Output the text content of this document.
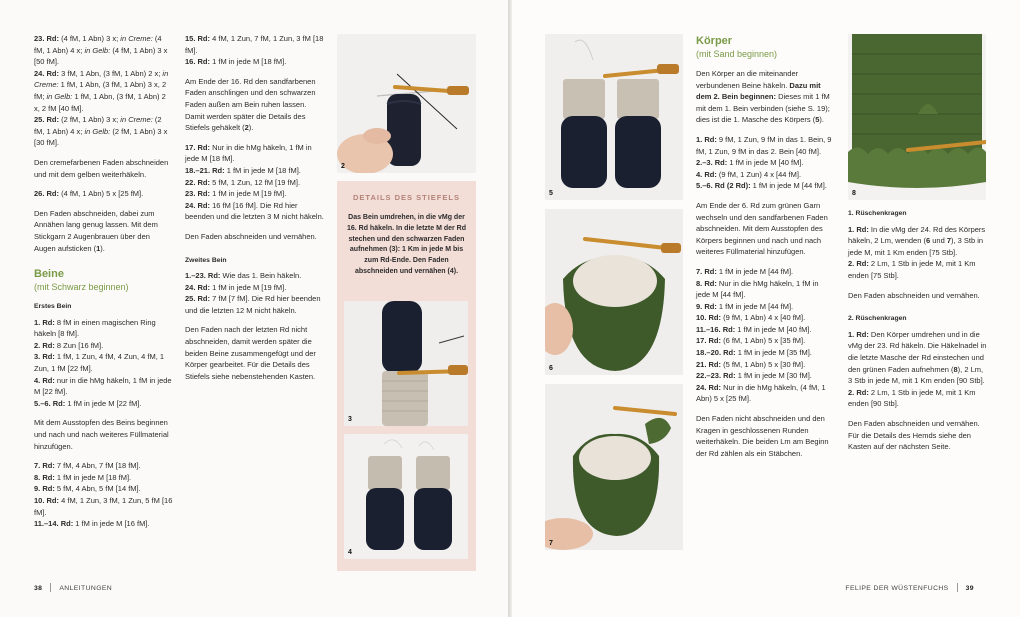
23. Rd: (4 fM, 1 Abn) 3 x; in Creme: (4 fM, 1 Abn) 4 x; in Gelb: (4 fM, 1 Abn) 3 x [50 fM].
24. Rd: 3 fM, 1 Abn, (3 fM, 1 Abn) 2 x; in Creme: 1 fM, 1 Abn, (3 fM, 1 Abn) 3 x, 2 fM; in Gelb: 1 fM, 1 Abn, (3 fM, 1 Abn) 2 x, 2 fM [40 fM].
25. Rd: (2 fM, 1 Abn) 3 x; in Creme: (2 fM, 1 Abn) 4 x; in Gelb: (2 fM, 1 Abn) 3 x [30 fM].

Den cremefarbenen Faden abschneiden und mit dem gelben weiterhäkeln.

26. Rd: (4 fM, 1 Abn) 5 x [25 fM].

Den Faden abschneiden, dabei zum Annähen lang genug lassen. Mit dem Stickgarn 2 Augenbrauen über den Augen aufsticken (1).

Beine
(mit Schwarz beginnen)
Erstes Bein

1. Rd: 8 fM in einen magischen Ring häkeln [8 fM].
2. Rd: 8 Zun [16 fM].
3. Rd: 1 fM, 1 Zun, 4 fM, 4 Zun, 4 fM, 1 Zun, 1 fM [22 fM].
4. Rd: nur in die hMg häkeln, 1 fM in jede M [22 fM].
5.–6. Rd: 1 fM in jede M [22 fM].

Mit dem Ausstopfen des Beins beginnen und nach und nach weiteres Füllmaterial hinzufügen.

7. Rd: 7 fM, 4 Abn, 7 fM [18 fM].
8. Rd: 1 fM in jede M [18 fM].
9. Rd: 5 fM, 4 Abn, 5 fM [14 fM].
10. Rd: 4 fM, 1 Zun, 3 fM, 1 Zun, 5 fM [16 fM].
11.–14. Rd: 1 fM in jede M [16 fM].

15. Rd: 4 fM, 1 Zun, 7 fM, 1 Zun, 3 fM [18 fM].
16. Rd: 1 fM in jede M [18 fM].

Am Ende der 16. Rd den sandfarbenen Faden anschlingen und den schwarzen Faden außen am Bein ruhen lassen. Damit werden später die Details des Stiefels gehäkelt (2).

17. Rd: Nur in die hMg häkeln, 1 fM in jede M [18 fM].
18.–21. Rd: 1 fM in jede M [18 fM].
22. Rd: 5 fM, 1 Zun, 12 fM [19 fM].
23. Rd: 1 fM in jede M [19 fM].
24. Rd: 16 fM [16 fM]. Die Rd hier beenden und die letzten 3 M nicht häkeln.

Den Faden abschneiden und vernähen.

Zweites Bein

1.–23. Rd: Wie das 1. Bein häkeln.
24. Rd: 1 fM in jede M [19 fM].
25. Rd: 7 fM [7 fM]. Die Rd hier beenden und die letzten 12 M nicht häkeln.

Den Faden nach der letzten Rd nicht abschneiden, damit werden später die beiden Beine zusammengefügt und der Körper gearbeitet. Für die Details des Stiefels siehe nebenstehenden Kasten.

2
DETAILS DES STIEFELS
Das Bein umdrehen, in die vMg der 16. Rd häkeln. In die letzte M der Rd stechen und den schwarzen Faden aufnehmen (3): 1 Km in jede M bis zum Rd-Ende. Den Faden abschneiden und vernähen (4).
3
4
38	ANLEITUNGEN
5
6
7
Körper
(mit Sand beginnen)

Den Körper an die miteinander verbundenen Beine häkeln. Dazu mit dem 2. Bein beginnen: Dieses mit 1 fM mit dem 1. Bein verbinden (siehe S. 19); dies ist die 1. Masche des Körpers (5).

1. Rd: 9 fM, 1 Zun, 9 fM in das 1. Bein, 9 fM, 1 Zun, 9 fM in das 2. Bein [40 fM].
2.–3. Rd: 1 fM in jede M [40 fM].
4. Rd: (9 fM, 1 Zun) 4 x [44 fM].
5.–6. Rd (2 Rd): 1 fM in jede M [44 fM].

Am Ende der 6. Rd zum grünen Garn wechseln und den sandfarbenen Faden abschneiden. Mit dem Ausstopfen des Körpers beginnen und nach und nach weiteres Füllmaterial hinzufügen.

7. Rd: 1 fM in jede M [44 fM].
8. Rd: Nur in die hMg häkeln, 1 fM in jede M [44 fM].
9. Rd: 1 fM in jede M [44 fM].
10. Rd: (9 fM, 1 Abn) 4 x [40 fM].
11.–16. Rd: 1 fM in jede M [40 fM].
17. Rd: (6 fM, 1 Abn) 5 x [35 fM].
18.–20. Rd: 1 fM in jede M [35 fM].
21. Rd: (5 fM, 1 Abn) 5 x [30 fM].
22.–23. Rd: 1 fM in jede M [30 fM].
24. Rd: Nur in die hMg häkeln, (4 fM, 1 Abn) 5 x [25 fM].

Den Faden nicht abschneiden und den Kragen in geschlossenen Runden weiterhäkeln. Die beiden Lm am Beginn der Rd zählen als ein Stäbchen.

8
1. Rüschenkragen

1. Rd: In die vMg der 24. Rd des Körpers häkeln, 2 Lm, wenden (6 und 7), 3 Stb in jede M, mit 1 Km enden [75 Stb].
2. Rd: 2 Lm, 1 Stb in jede M, mit 1 Km enden [75 Stb].

Den Faden abschneiden und vernähen.

2. Rüschenkragen

1. Rd: Den Körper umdrehen und in die vMg der 23. Rd häkeln. Die Häkelnadel in die letzte Masche der Rd einstechen und den grünen Faden aufnehmen (8), 2 Lm, 3 Stb in jede M, mit 1 Km enden [90 Stb].
2. Rd: 2 Lm, 1 Stb in jede M, mit 1 Km enden [90 Stb].

Den Faden abschneiden und vernähen. Für die Details des Hemds siehe den Kasten auf der nächsten Seite.

FELIPE DER WÜSTENFUCHS	39
